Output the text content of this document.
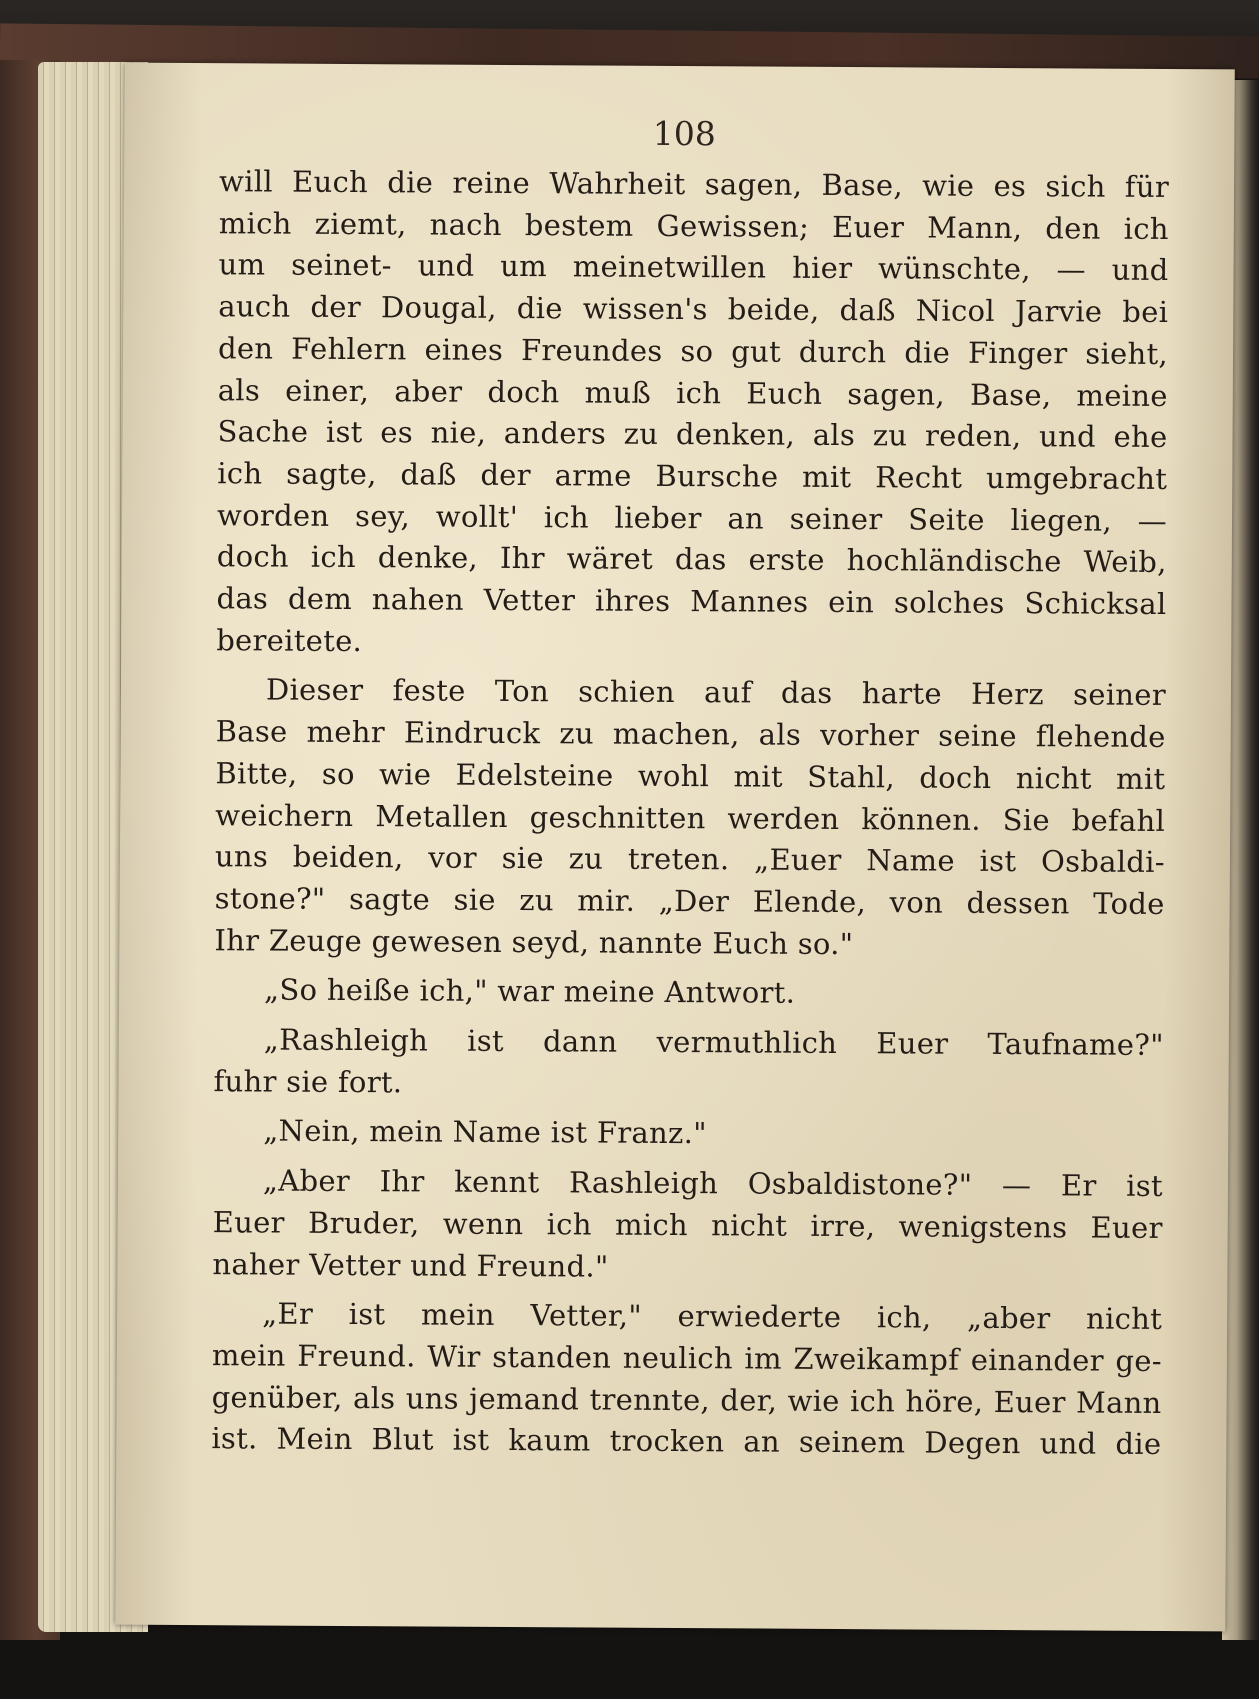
108
will Euch die reine Wahrheit sagen, Base, wie es sich für
mich ziemt, nach bestem Gewissen; Euer Mann, den ich
um seinet- und um meinetwillen hier wünschte, — und
auch der Dougal, die wissen's beide, daß Nicol Jarvie bei
den Fehlern eines Freundes so gut durch die Finger sieht,
als einer, aber doch muß ich Euch sagen, Base, meine
Sache ist es nie, anders zu denken, als zu reden, und ehe
ich sagte, daß der arme Bursche mit Recht umgebracht
worden sey, wollt' ich lieber an seiner Seite liegen, —
doch ich denke, Ihr wäret das erste hochländische Weib,
das dem nahen Vetter ihres Mannes ein solches Schicksal
bereitete.
Dieser feste Ton schien auf das harte Herz seiner
Base mehr Eindruck zu machen, als vorher seine flehende
Bitte, so wie Edelsteine wohl mit Stahl, doch nicht mit
weichern Metallen geschnitten werden können. Sie befahl
uns beiden, vor sie zu treten. „Euer Name ist Osbaldi-
stone?" sagte sie zu mir. „Der Elende, von dessen Tode
Ihr Zeuge gewesen seyd, nannte Euch so."
„So heiße ich," war meine Antwort.
„Rashleigh ist dann vermuthlich Euer Taufname?"
fuhr sie fort.
„Nein, mein Name ist Franz."
„Aber Ihr kennt Rashleigh Osbaldistone?" — Er ist
Euer Bruder, wenn ich mich nicht irre, wenigstens Euer
naher Vetter und Freund."
„Er ist mein Vetter," erwiederte ich, „aber nicht
mein Freund. Wir standen neulich im Zweikampf einander ge-
genüber, als uns jemand trennte, der, wie ich höre, Euer Mann
ist. Mein Blut ist kaum trocken an seinem Degen und die
